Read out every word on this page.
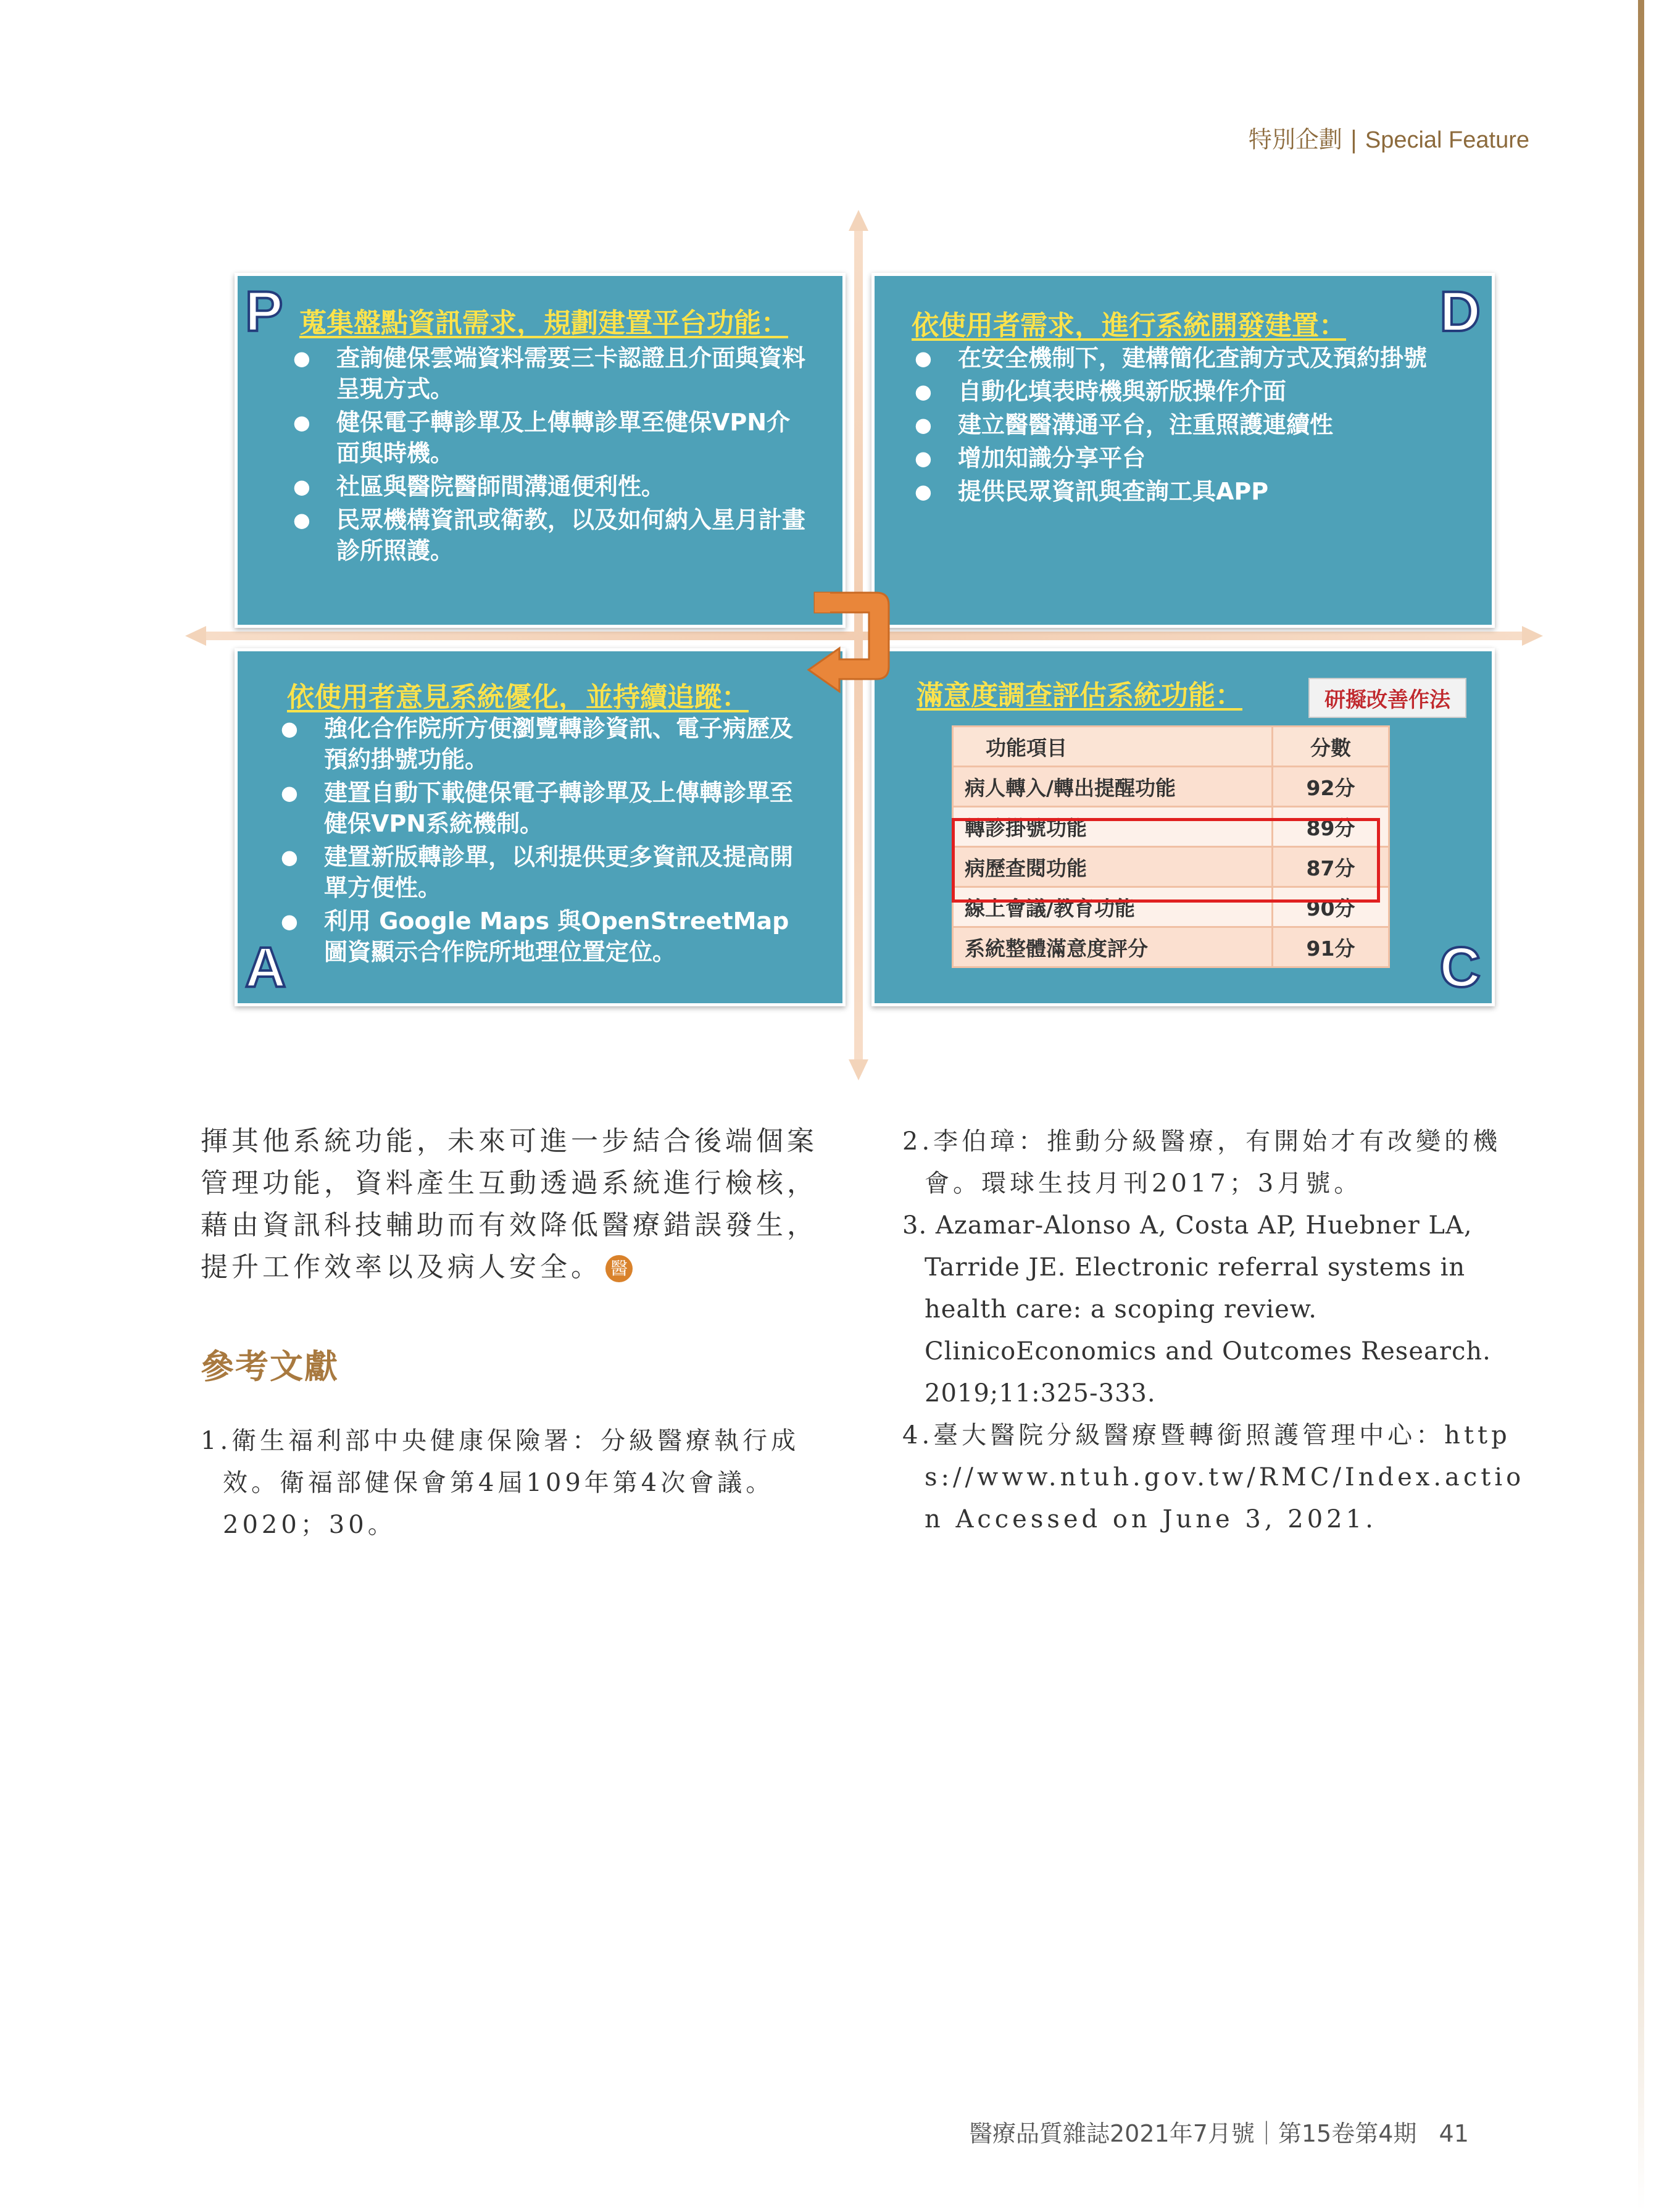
特別企劃 | Special Feature
P 蒐集盤點資訊需求，規劃建置平台功能：
● 查詢健保雲端資料需要三卡認證且介面與資料呈現方式。
● 健保電子轉診單及上傳轉診單至健保VPN介面與時機。
● 社區與醫院醫師間溝通便利性。
● 民眾機構資訊或衛教，以及如何納入星月計畫診所照護。
D
依使用者需求，進行系統開發建置：
● 在安全機制下，建構簡化查詢方式及預約掛號
● 自動化填表時機與新版操作介面
● 建立醫醫溝通平台，注重照護連續性
● 增加知識分享平台
● 提供民眾資訊與查詢工具APP
依使用者意見系統優化，並持續追蹤：
● 強化合作院所方便瀏覽轉診資訊、電子病歷及預約掛號功能。
● 建置自動下載健保電子轉診單及上傳轉診單至健保VPN系統機制。
● 建置新版轉診單，以利提供更多資訊及提高開單方便性。
● 利用 Google Maps 與OpenStreetMap圖資顯示合作院所地理位置定位。
A	C
滿意度調查評估系統功能：	研擬改善作法
功能項目	分數
病人轉入/轉出提醒功能	92分
轉診掛號功能	89分
病歷查閱功能	87分
線上會議/教育功能	90分
系統整體滿意度評分	91分

揮其他系統功能，未來可進一步結合後端個案管理功能，資料產生互動透過系統進行檢核，藉由資訊科技輔助而有效降低醫療錯誤發生，提升工作效率以及病人安全。 醫

參考文獻

1.衛生福利部中央健康保險署：分級醫療執行成效。衛福部健保會第4屆109年第4次會議。2020；30。

2.李伯璋：推動分級醫療，有開始才有改變的機會。環球生技月刊2017；3月號。

3. Azamar-Alonso A, Costa AP, Huebner LA, Tarride JE. Electronic referral systems in health care: a scoping review. ClinicoEconomics and Outcomes Research. 2019;11:325-333.

4.臺大醫院分級醫療暨轉銜照護管理中心：https://www.ntuh.gov.tw/RMC/Index.action Accessed on June 3, 2021.

醫療品質雜誌2021年7月號｜第15卷第4期 41
